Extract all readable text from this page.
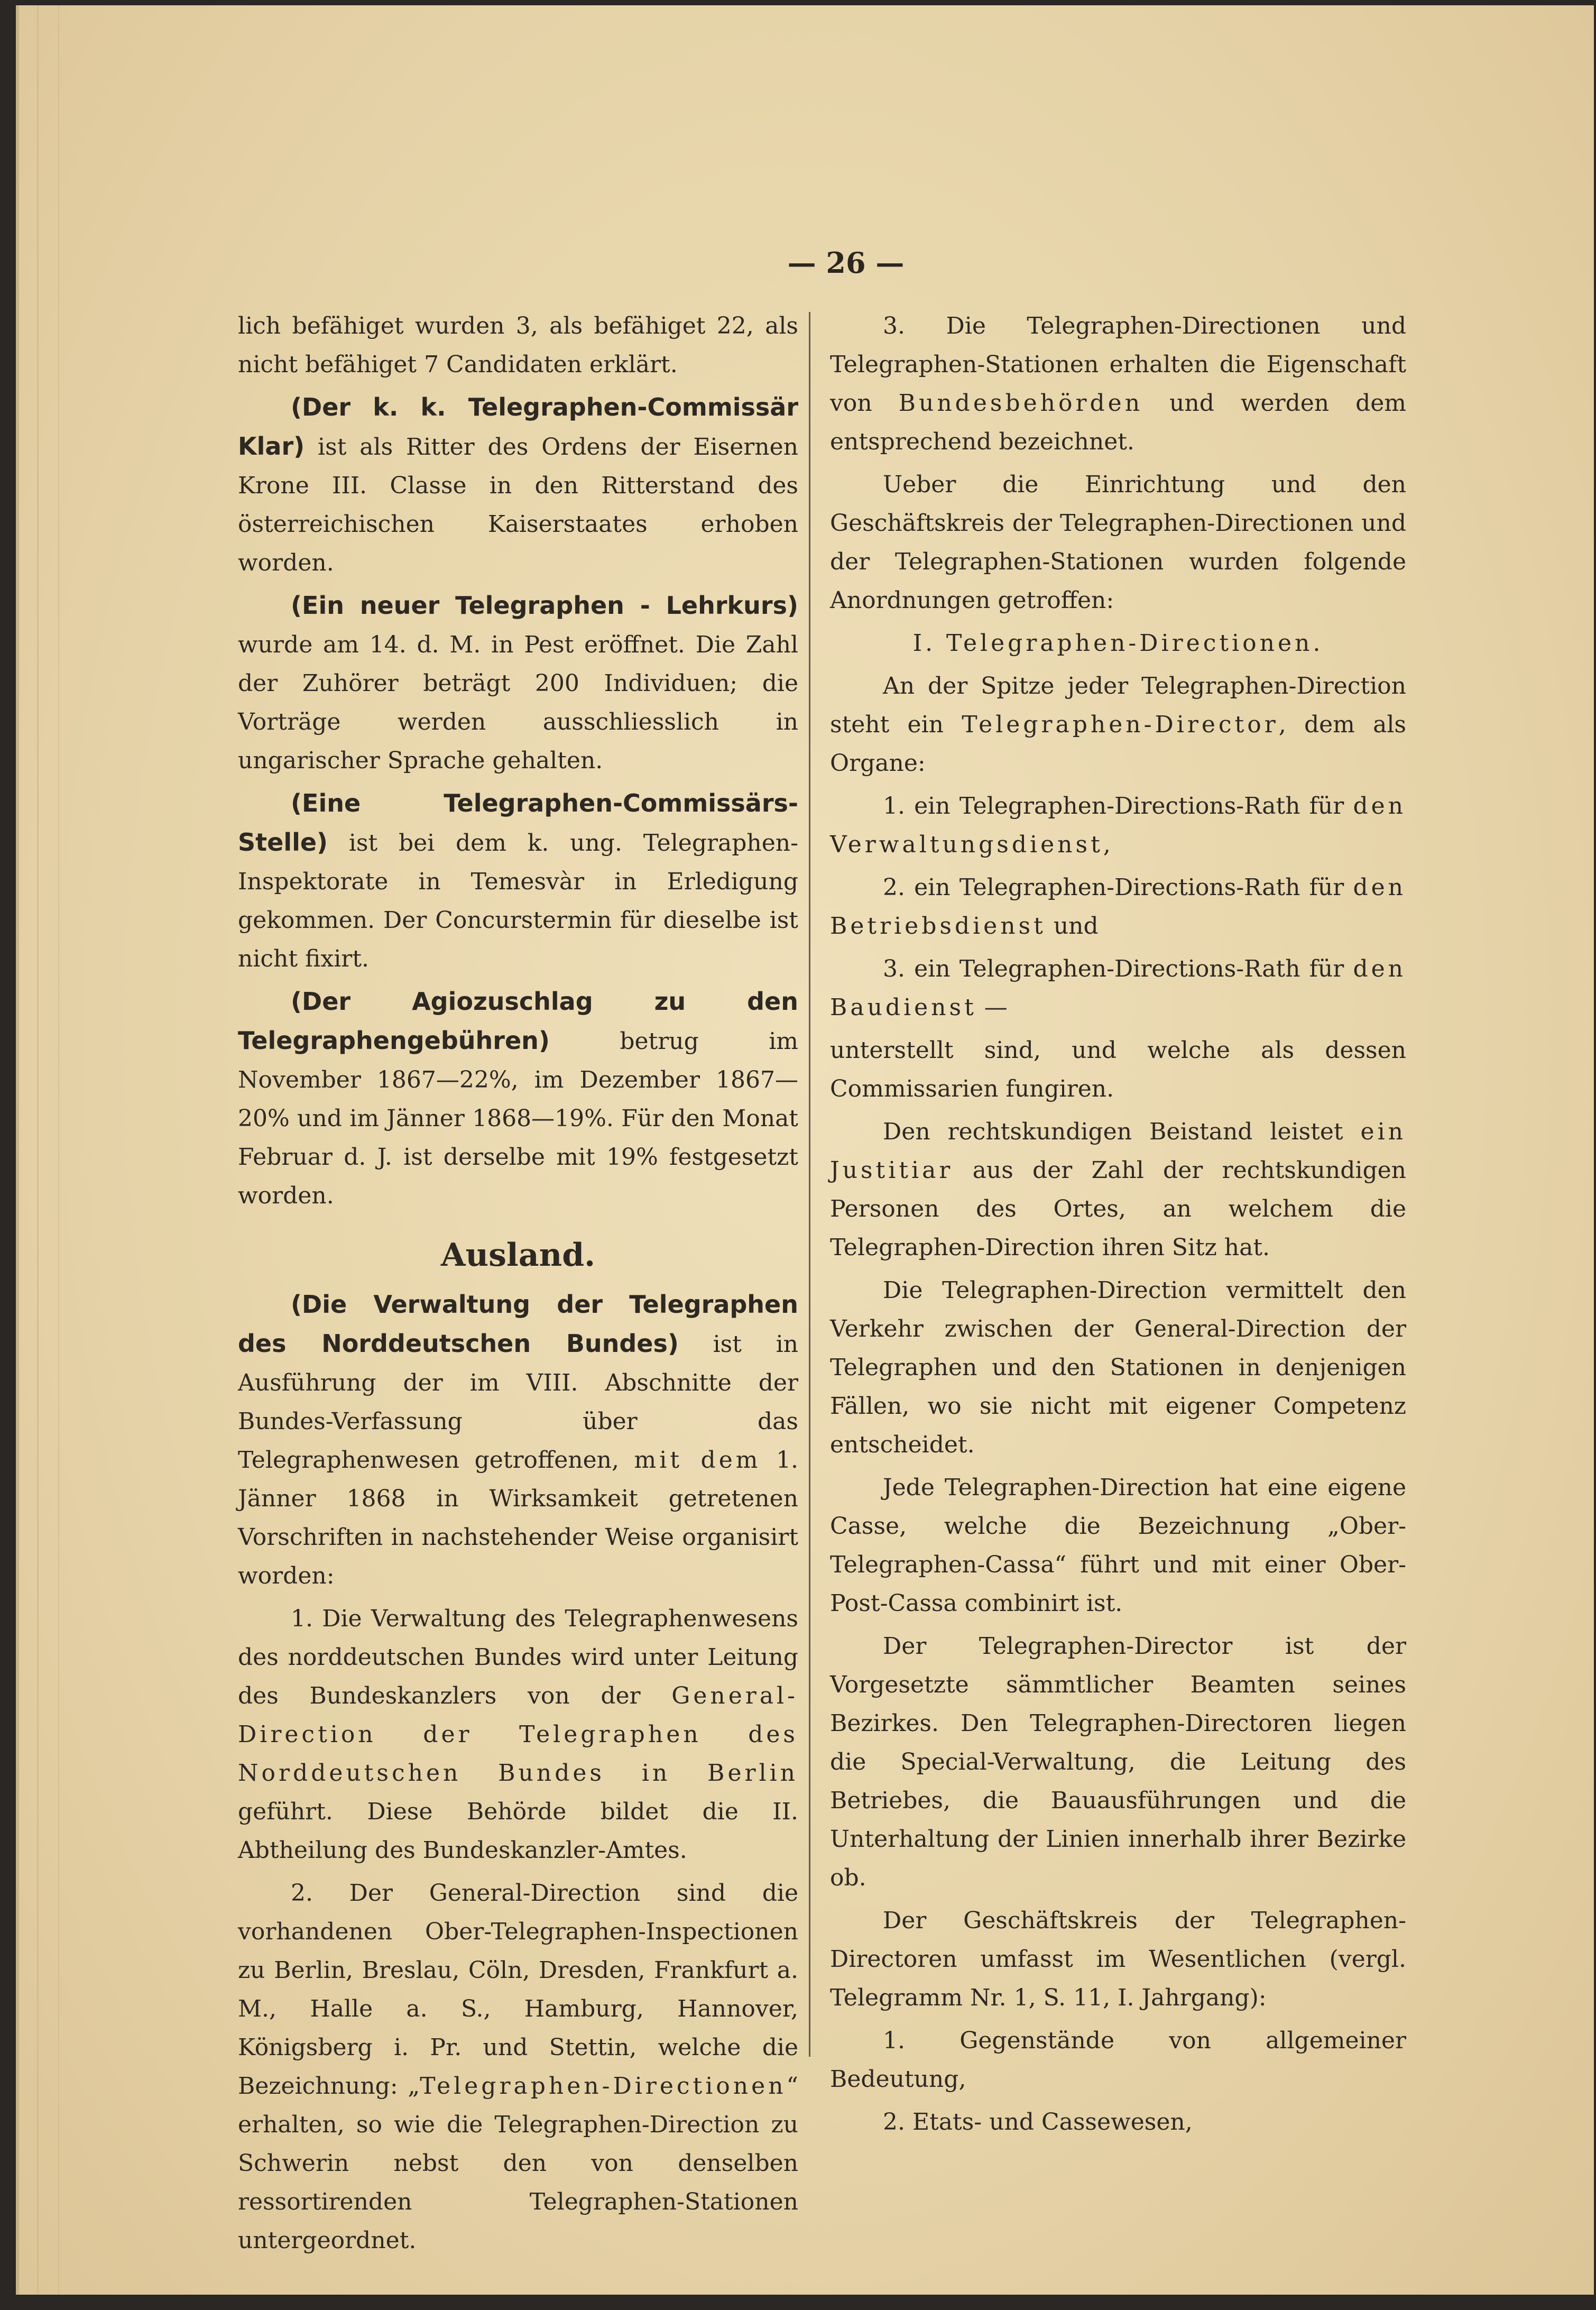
— 26 —

lich befähiget wurden 3, als befähiget 22, als nicht befähiget 7 Candidaten erklärt.

(Der k. k. Telegraphen-Commissär Klar) ist als Ritter des Ordens der Eisernen Krone III. Classe in den Ritterstand des österreichischen Kaiserstaates erhoben worden.

(Ein neuer Telegraphen - Lehrkurs) wurde am 14. d. M. in Pest eröffnet. Die Zahl der Zuhörer beträgt 200 Individuen; die Vorträge werden ausschliesslich in ungarischer Sprache gehalten.

(Eine Telegraphen-Commissärs-Stelle) ist bei dem k. ung. Telegraphen-Inspektorate in Temesvàr in Erledigung gekommen. Der Concurstermin für dieselbe ist nicht fixirt.

(Der Agiozuschlag zu den Telegraphengebühren) betrug im November 1867—22%, im Dezember 1867—20% und im Jänner 1868—19%. Für den Monat Februar d. J. ist derselbe mit 19% festgesetzt worden.

Ausland.

(Die Verwaltung der Telegraphen des Norddeutschen Bundes) ist in Ausführung der im VIII. Abschnitte der Bundes-Verfassung über das Telegraphenwesen getroffenen, mit dem 1. Jänner 1868 in Wirksamkeit getretenen Vorschriften in nachstehender Weise organisirt worden:

1. Die Verwaltung des Telegraphenwesens des norddeutschen Bundes wird unter Leitung des Bundeskanzlers von der General-Direction der Telegraphen des Norddeutschen Bundes in Berlin geführt. Diese Behörde bildet die II. Abtheilung des Bundeskanzler-Amtes.

2. Der General-Direction sind die vorhandenen Ober-Telegraphen-Inspectionen zu Berlin, Breslau, Cöln, Dresden, Frankfurt a. M., Halle a. S., Hamburg, Hannover, Königsberg i. Pr. und Stettin, welche die Bezeichnung: „Telegraphen-Directionen“ erhalten, so wie die Telegraphen-Direction zu Schwerin nebst den von denselben ressortirenden Telegraphen-Stationen untergeordnet.

3. Die Telegraphen-Directionen und Telegraphen-Stationen erhalten die Eigenschaft von Bundesbehörden und werden dem entsprechend bezeichnet.

Ueber die Einrichtung und den Geschäftskreis der Telegraphen-Directionen und der Telegraphen-Stationen wurden folgende Anordnungen getroffen:

I. Telegraphen-Directionen.

An der Spitze jeder Telegraphen-Direction steht ein Telegraphen-Director, dem als Organe:

1. ein Telegraphen-Directions-Rath für den Verwaltungsdienst,

2. ein Telegraphen-Directions-Rath für den Betriebsdienst und

3. ein Telegraphen-Directions-Rath für den Baudienst —

unterstellt sind, und welche als dessen Commissarien fungiren.

Den rechtskundigen Beistand leistet ein Justitiar aus der Zahl der rechtskundigen Personen des Ortes, an welchem die Telegraphen-Direction ihren Sitz hat.

Die Telegraphen-Direction vermittelt den Verkehr zwischen der General-Direction der Telegraphen und den Stationen in denjenigen Fällen, wo sie nicht mit eigener Competenz entscheidet.

Jede Telegraphen-Direction hat eine eigene Casse, welche die Bezeichnung „Ober-Telegraphen-Cassa“ führt und mit einer Ober-Post-Cassa combinirt ist.

Der Telegraphen-Director ist der Vorgesetzte sämmtlicher Beamten seines Bezirkes. Den Telegraphen-Directoren liegen die Special-Verwaltung, die Leitung des Betriebes, die Bauausführungen und die Unterhaltung der Linien innerhalb ihrer Bezirke ob.

Der Geschäftskreis der Telegraphen-Directoren umfasst im Wesentlichen (vergl. Telegramm Nr. 1, S. 11, I. Jahrgang):

1. Gegenstände von allgemeiner Bedeutung,

2. Etats- und Cassewesen,
